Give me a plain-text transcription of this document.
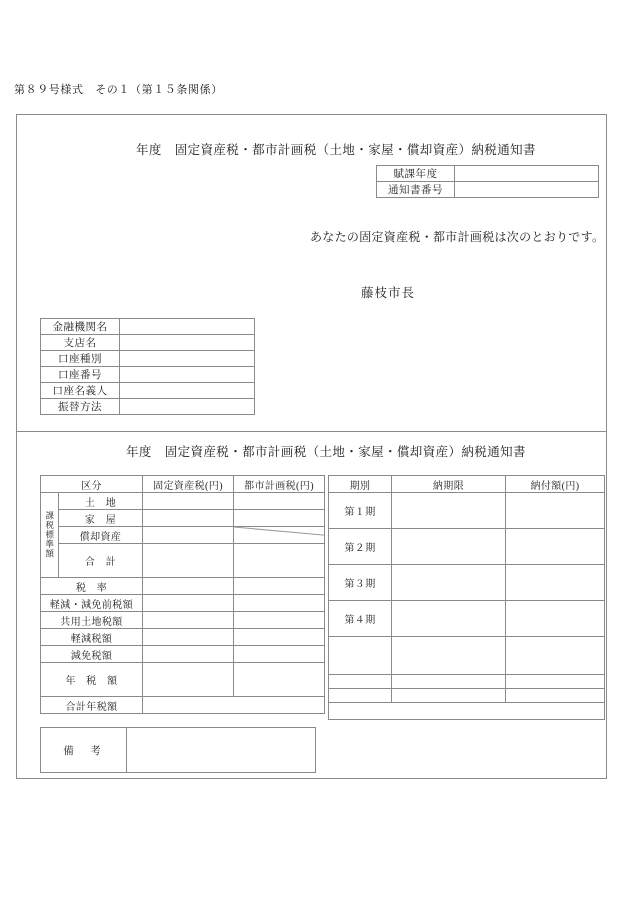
第８９号様式　その１（第１５条関係）
年度　固定資産税・都市計画税（土地・家屋・償却資産）納税通知書
賦課年度	
通知書番号	
あなたの固定資産税・都市計画税は次のとおりです。
藤枝市長
金融機関名	
支店名	
口座種別	
口座番号	
口座名義人	
振替方法	
年度　固定資産税・都市計画税（土地・家屋・償却資産）納税通知書
区分		固定資産税(円)	都市計画税(円)

課税標準額	土　地		
	家　屋		
	償却資産		

	合　計		
税　率			
軽減・減免前税額			
共用土地税額			
軽減税額			
減免税額			
年　税　額			
合計年税額			
期別	納期限	納付額(円)
第１期		
第２期		
第３期		
第４期		

備　考	
